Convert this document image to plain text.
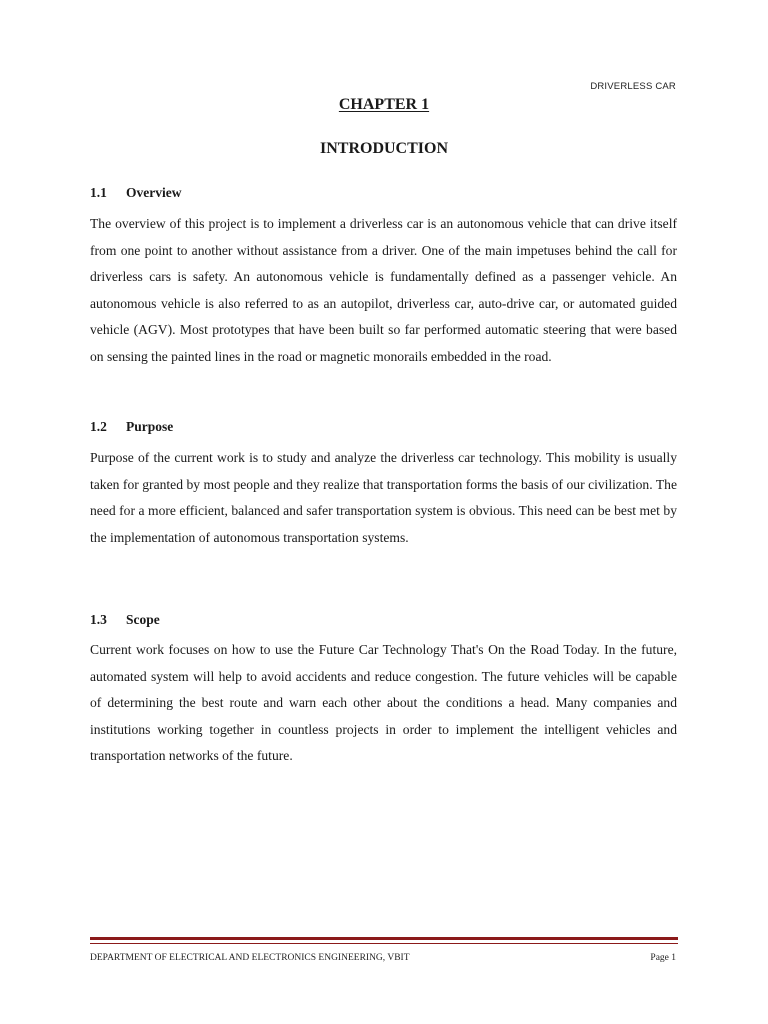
DRIVERLESS CAR
CHAPTER 1
INTRODUCTION
1.1 Overview

The overview of this project is to implement a driverless car is an autonomous vehicle that can drive itself from one point to another without assistance from a driver. One of the main impetuses behind the call for driverless cars is safety. An autonomous vehicle is fundamentally defined as a passenger vehicle. An autonomous vehicle is also referred to as an autopilot, driverless car, auto-drive car, or automated guided vehicle (AGV). Most prototypes that have been built so far performed automatic steering that were based on sensing the painted lines in the road or magnetic monorails embedded in the road.

1.2 Purpose

Purpose of the current work is to study and analyze the driverless car technology. This mobility is usually taken for granted by most people and they realize that transportation forms the basis of our civilization. The need for a more efficient, balanced and safer transportation system is obvious. This need can be best met by the implementation of autonomous transportation systems.

1.3 Scope

Current work focuses on how to use the Future Car Technology That's On the Road Today. In the future, automated system will help to avoid accidents and reduce congestion. The future vehicles will be capable of determining the best route and warn each other about the conditions a head. Many companies and institutions working together in countless projects in order to implement the intelligent vehicles and transportation networks of the future.

DEPARTMENT OF ELECTRICAL AND ELECTRONICS ENGINEERING, VBIT	Page 1
